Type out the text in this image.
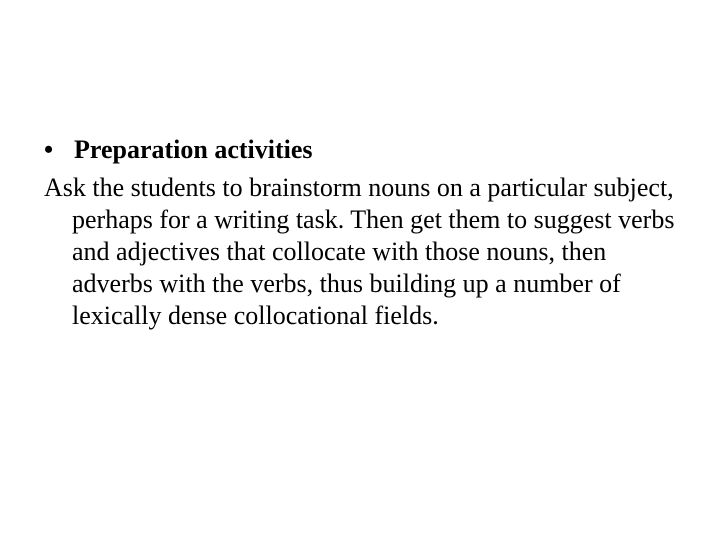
• Preparation activities

Ask the students to brainstorm nouns on a particular subject, perhaps for a writing task. Then get them to suggest verbs and adjectives that collocate with those nouns, then adverbs with the verbs, thus building up a number of lexically dense collocational fields.
